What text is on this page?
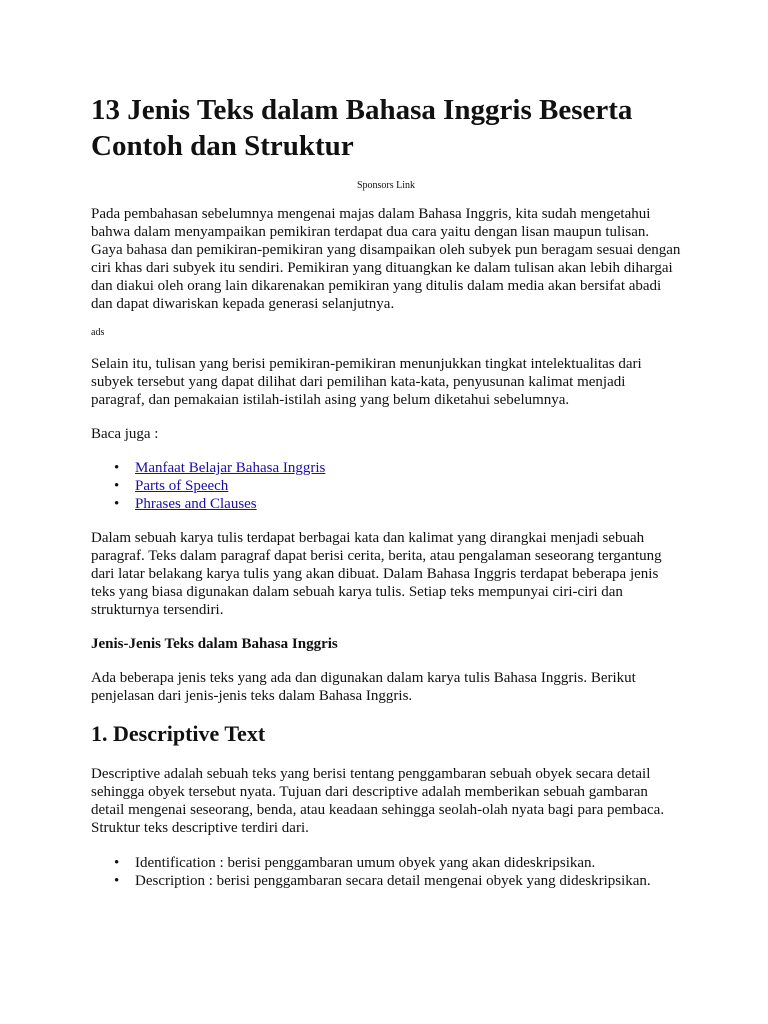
13 Jenis Teks dalam Bahasa Inggris Beserta Contoh dan Struktur
Sponsors Link

Pada pembahasan sebelumnya mengenai majas dalam Bahasa Inggris, kita sudah mengetahui bahwa dalam menyampaikan pemikiran terdapat dua cara yaitu dengan lisan maupun tulisan. Gaya bahasa dan pemikiran-pemikiran yang disampaikan oleh subyek pun beragam sesuai dengan ciri khas dari subyek itu sendiri. Pemikiran yang dituangkan ke dalam tulisan akan lebih dihargai dan diakui oleh orang lain dikarenakan pemikiran yang ditulis dalam media akan bersifat abadi dan dapat diwariskan kepada generasi selanjutnya.

ads

Selain itu, tulisan yang berisi pemikiran-pemikiran menunjukkan tingkat intelektualitas dari subyek tersebut yang dapat dilihat dari pemilihan kata-kata, penyusunan kalimat menjadi paragraf, dan pemakaian istilah-istilah asing yang belum diketahui sebelumnya.

Baca juga :

• Manfaat Belajar Bahasa Inggris
• Parts of Speech
• Phrases and Clauses

Dalam sebuah karya tulis terdapat berbagai kata dan kalimat yang dirangkai menjadi sebuah paragraf. Teks dalam paragraf dapat berisi cerita, berita, atau pengalaman seseorang tergantung dari latar belakang karya tulis yang akan dibuat. Dalam Bahasa Inggris terdapat beberapa jenis teks yang biasa digunakan dalam sebuah karya tulis. Setiap teks mempunyai ciri-ciri dan strukturnya tersendiri.

Jenis-Jenis Teks dalam Bahasa Inggris

Ada beberapa jenis teks yang ada dan digunakan dalam karya tulis Bahasa Inggris. Berikut penjelasan dari jenis-jenis teks dalam Bahasa Inggris.

1. Descriptive Text

Descriptive adalah sebuah teks yang berisi tentang penggambaran sebuah obyek secara detail sehingga obyek tersebut nyata. Tujuan dari descriptive adalah memberikan sebuah gambaran detail mengenai seseorang, benda, atau keadaan sehingga seolah-olah nyata bagi para pembaca. Struktur teks descriptive terdiri dari.

• Identification : berisi penggambaran umum obyek yang akan dideskripsikan.
• Description : berisi penggambaran secara detail mengenai obyek yang dideskripsikan.
